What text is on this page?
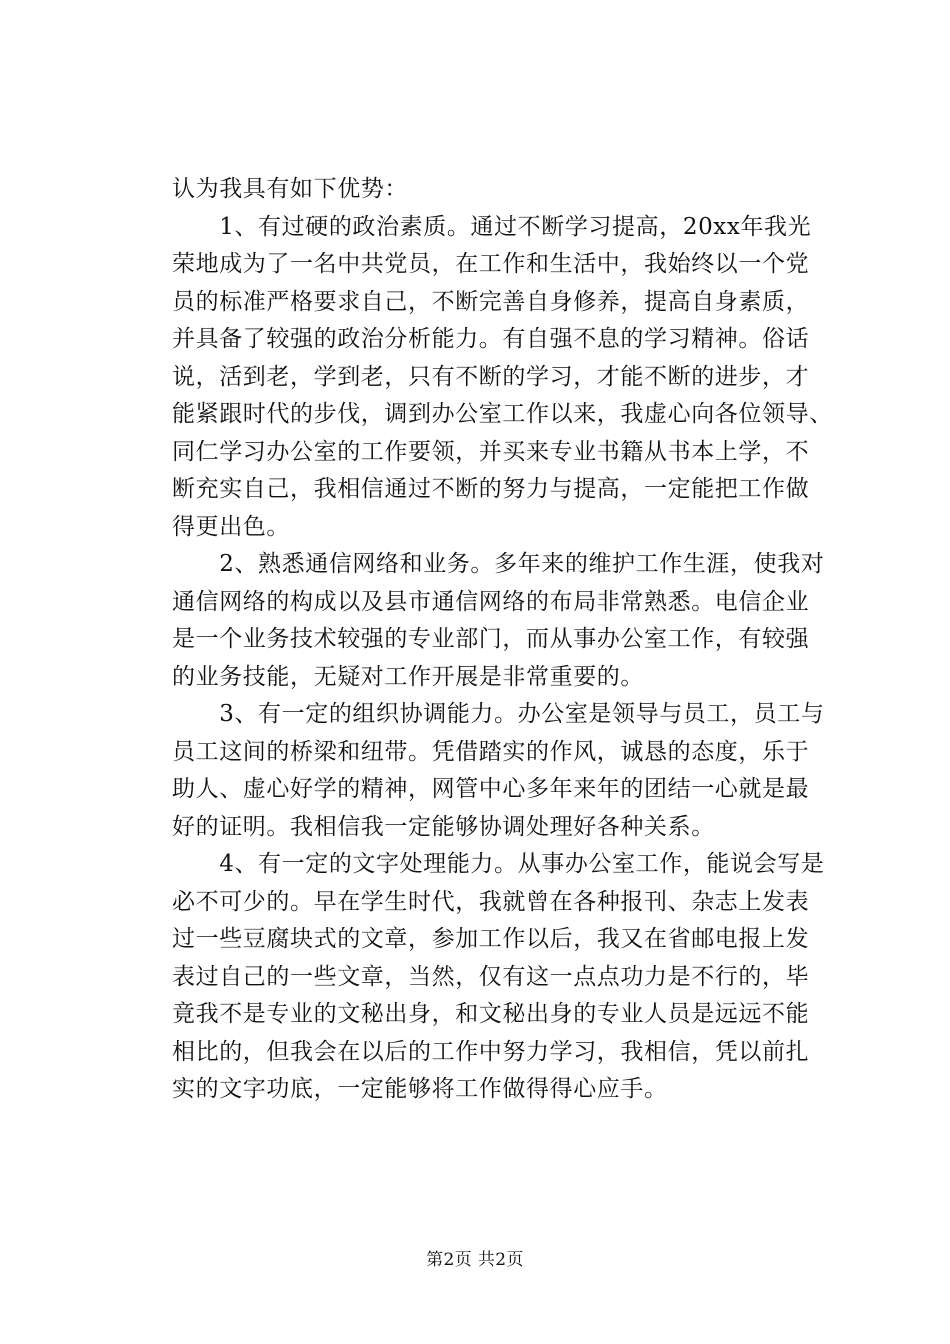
认为我具有如下优势：
　　1、有过硬的政治素质。通过不断学习提高，20xx年我光
荣地成为了一名中共党员，在工作和生活中，我始终以一个党
员的标准严格要求自己，不断完善自身修养，提高自身素质，
并具备了较强的政治分析能力。有自强不息的学习精神。俗话
说，活到老，学到老，只有不断的学习，才能不断的进步，才
能紧跟时代的步伐，调到办公室工作以来，我虚心向各位领导、
同仁学习办公室的工作要领，并买来专业书籍从书本上学，不
断充实自己，我相信通过不断的努力与提高，一定能把工作做
得更出色。
　　2、熟悉通信网络和业务。多年来的维护工作生涯，使我对
通信网络的构成以及县市通信网络的布局非常熟悉。电信企业
是一个业务技术较强的专业部门，而从事办公室工作，有较强
的业务技能，无疑对工作开展是非常重要的。
　　3、有一定的组织协调能力。办公室是领导与员工，员工与
员工这间的桥梁和纽带。凭借踏实的作风，诚恳的态度，乐于
助人、虚心好学的精神，网管中心多年来年的团结一心就是最
好的证明。我相信我一定能够协调处理好各种关系。
　　4、有一定的文字处理能力。从事办公室工作，能说会写是
必不可少的。早在学生时代，我就曾在各种报刊、杂志上发表
过一些豆腐块式的文章，参加工作以后，我又在省邮电报上发
表过自己的一些文章，当然，仅有这一点点功力是不行的，毕
竟我不是专业的文秘出身，和文秘出身的专业人员是远远不能
相比的，但我会在以后的工作中努力学习，我相信，凭以前扎
实的文字功底，一定能够将工作做得得心应手。
第2页 共2页
